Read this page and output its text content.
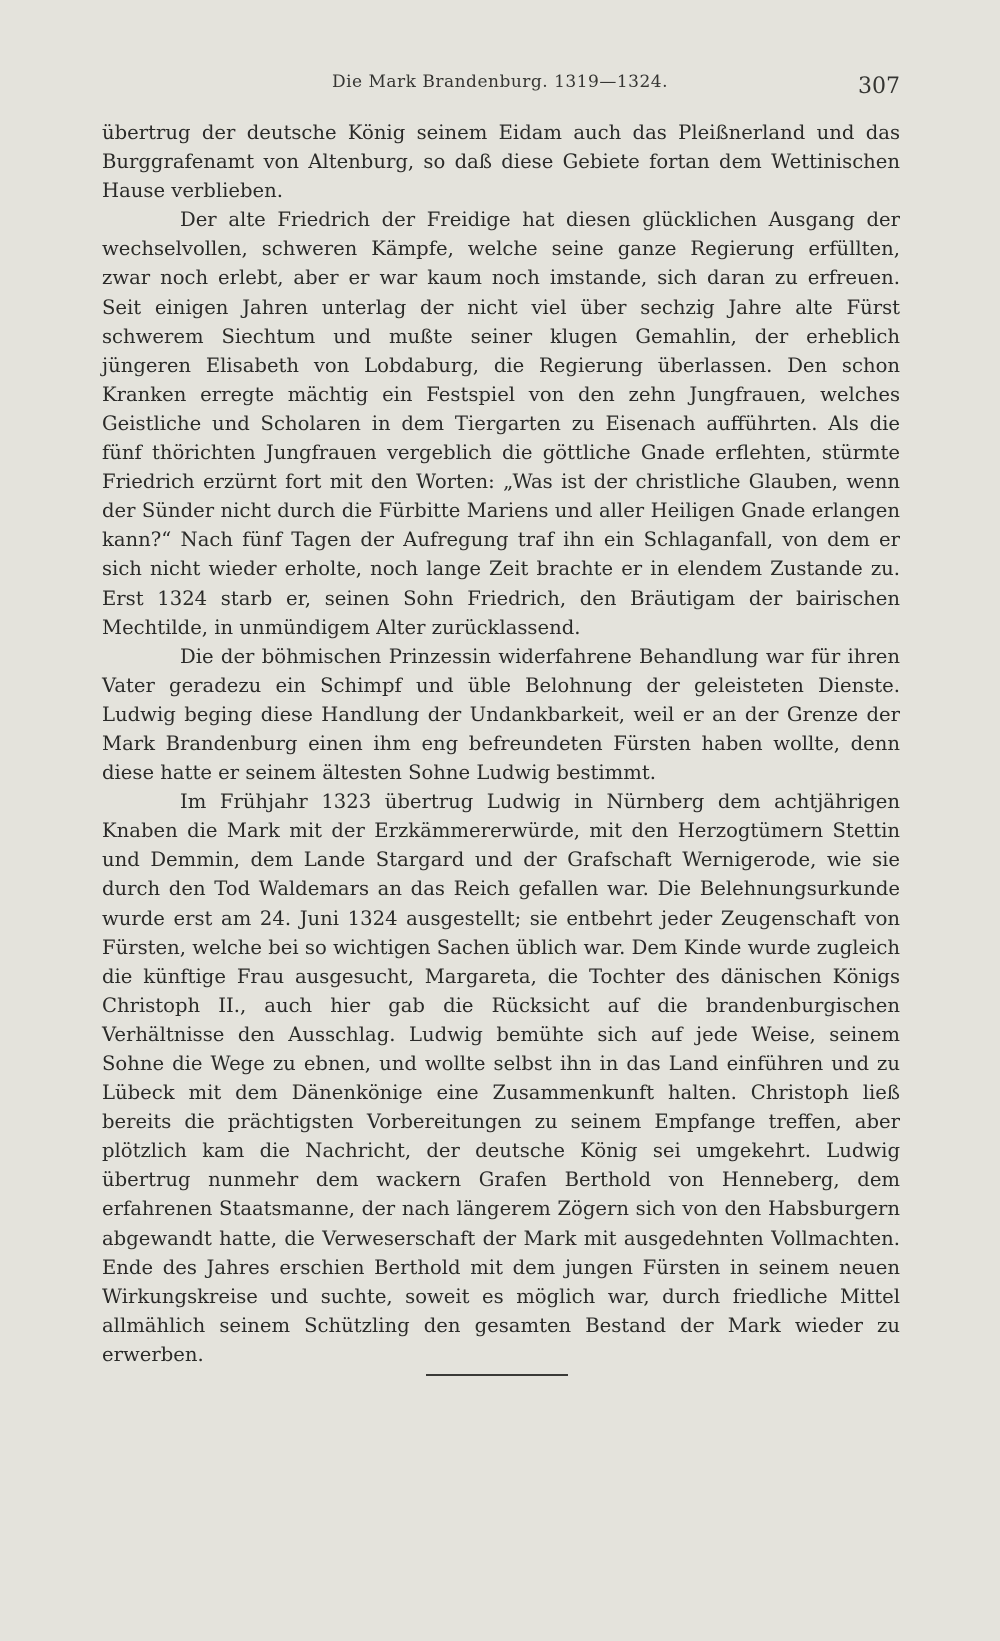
Die Mark Brandenburg. 1319—1324.	307

übertrug der deutsche König seinem Eidam auch das Pleißnerland und das Burggrafenamt von Altenburg, so daß diese Gebiete fortan dem Wettinischen Hause verblieben.

Der alte Friedrich der Freidige hat diesen glücklichen Ausgang der wechselvollen, schweren Kämpfe, welche seine ganze Regierung erfüllten, zwar noch erlebt, aber er war kaum noch imstande, sich daran zu erfreuen. Seit einigen Jahren unterlag der nicht viel über sechzig Jahre alte Fürst schwerem Siechtum und mußte seiner klugen Gemahlin, der erheblich jüngeren Elisabeth von Lobdaburg, die Regierung überlassen. Den schon Kranken erregte mächtig ein Festspiel von den zehn Jungfrauen, welches Geistliche und Scholaren in dem Tiergarten zu Eisenach aufführten. Als die fünf thörichten Jungfrauen vergeblich die göttliche Gnade erflehten, stürmte Friedrich erzürnt fort mit den Worten: „Was ist der christliche Glauben, wenn der Sünder nicht durch die Fürbitte Mariens und aller Heiligen Gnade erlangen kann?“ Nach fünf Tagen der Aufregung traf ihn ein Schlaganfall, von dem er sich nicht wieder erholte, noch lange Zeit brachte er in elendem Zustande zu. Erst 1324 starb er, seinen Sohn Friedrich, den Bräutigam der bairischen Mechtilde, in unmündigem Alter zurücklassend.

Die der böhmischen Prinzessin widerfahrene Behandlung war für ihren Vater geradezu ein Schimpf und üble Belohnung der geleisteten Dienste. Ludwig beging diese Handlung der Undankbarkeit, weil er an der Grenze der Mark Brandenburg einen ihm eng befreundeten Fürsten haben wollte, denn diese hatte er seinem ältesten Sohne Ludwig bestimmt.

Im Frühjahr 1323 übertrug Ludwig in Nürnberg dem achtjährigen Knaben die Mark mit der Erzkämmererwürde, mit den Herzogtümern Stettin und Demmin, dem Lande Stargard und der Grafschaft Wernigerode, wie sie durch den Tod Waldemars an das Reich gefallen war. Die Belehnungsurkunde wurde erst am 24. Juni 1324 ausgestellt; sie entbehrt jeder Zeugenschaft von Fürsten, welche bei so wichtigen Sachen üblich war. Dem Kinde wurde zugleich die künftige Frau ausgesucht, Margareta, die Tochter des dänischen Königs Christoph II., auch hier gab die Rücksicht auf die brandenburgischen Verhältnisse den Ausschlag. Ludwig bemühte sich auf jede Weise, seinem Sohne die Wege zu ebnen, und wollte selbst ihn in das Land einführen und zu Lübeck mit dem Dänenkönige eine Zusammenkunft halten. Christoph ließ bereits die prächtigsten Vorbereitungen zu seinem Empfange treffen, aber plötzlich kam die Nachricht, der deutsche König sei umgekehrt. Ludwig übertrug nunmehr dem wackern Grafen Berthold von Henneberg, dem erfahrenen Staatsmanne, der nach längerem Zögern sich von den Habsburgern abgewandt hatte, die Verweserschaft der Mark mit ausgedehnten Vollmachten. Ende des Jahres erschien Berthold mit dem jungen Fürsten in seinem neuen Wirkungskreise und suchte, soweit es möglich war, durch friedliche Mittel allmählich seinem Schützling den gesamten Bestand der Mark wieder zu erwerben.
